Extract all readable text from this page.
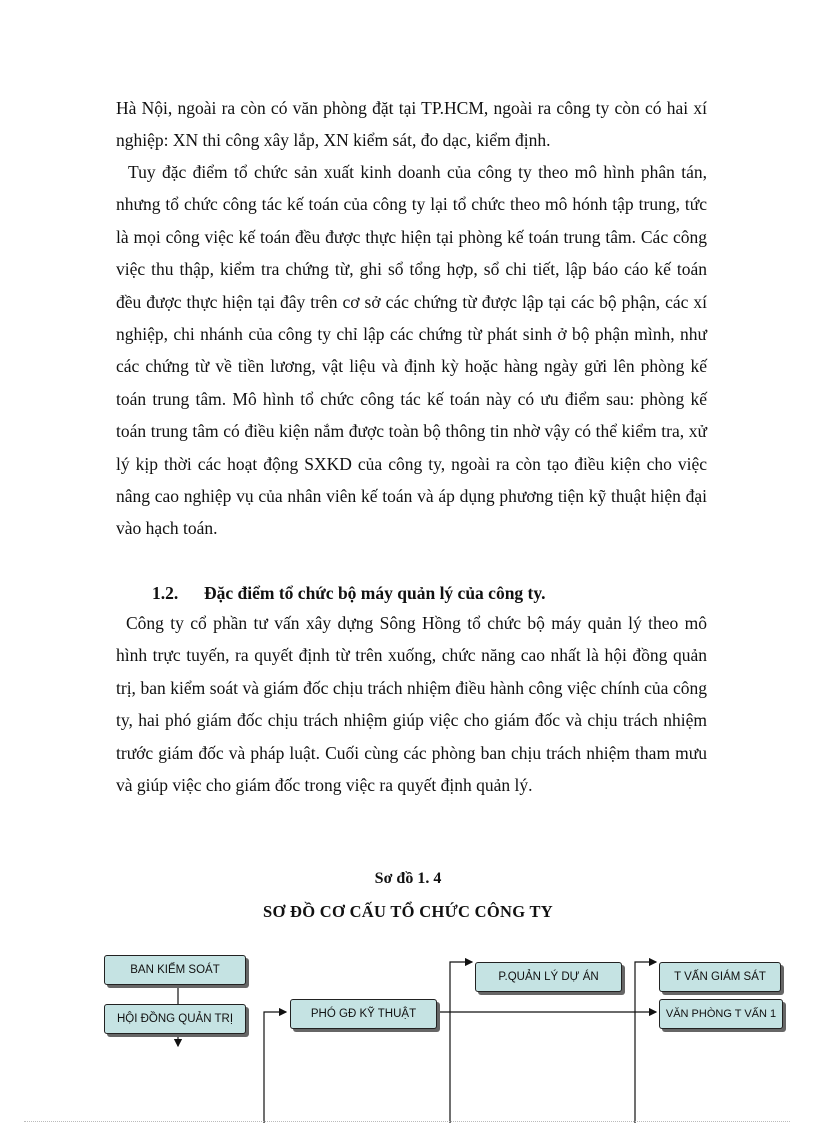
Hà Nội, ngoài ra còn có văn phòng đặt tại TP.HCM, ngoài ra công ty còn có hai xí nghiệp: XN thi công xây lắp, XN kiểm sát, đo dạc, kiểm định.

Tuy đặc điểm tổ chức sản xuất kinh doanh của công ty theo mô hình phân tán, nhưng tổ chức công tác kế toán của công ty lại tổ chức theo mô hónh tập trung, tức là mọi công việc kế toán đều được thực hiện tại phòng kế toán trung tâm. Các công việc thu thập, kiểm tra chứng từ, ghi sổ tổng hợp, sổ chi tiết, lập báo cáo kế toán đều được thực hiện tại đây trên cơ sở các chứng từ được lập tại các bộ phận, các xí nghiệp, chi nhánh của công ty chỉ lập các chứng từ phát sinh ở bộ phận mình, như các chứng từ về tiền lương, vật liệu và định kỳ hoặc hàng ngày gửi lên phòng kế toán trung tâm. Mô hình tổ chức công tác kế toán này có ưu điểm sau: phòng kế toán trung tâm có điều kiện nắm được toàn bộ thông tin nhờ vậy có thể kiểm tra, xử lý kịp thời các hoạt động SXKD của công ty, ngoài ra còn tạo điều kiện cho việc nâng cao nghiệp vụ của nhân viên kế toán và áp dụng phương tiện kỹ thuật hiện đại vào hạch toán.

1.2. Đặc điểm tổ chức bộ máy quản lý của công ty.

Công ty cổ phần tư vấn xây dựng Sông Hồng tổ chức bộ máy quản lý theo mô hình trực tuyến, ra quyết định từ trên xuống, chức năng cao nhất là hội đồng quản trị, ban kiểm soát và giám đốc chịu trách nhiệm điều hành công việc chính của công ty, hai phó giám đốc chịu trách nhiệm giúp việc cho giám đốc và chịu trách nhiệm trước giám đốc và pháp luật. Cuối cùng các phòng ban chịu trách nhiệm tham mưu và giúp việc cho giám đốc trong việc ra quyết định quản lý.

Sơ đồ 1. 4

SƠ ĐỒ CƠ CẤU TỔ CHỨC CÔNG TY

BAN KIỂM SOÁT
HỘI ĐỒNG QUẢN TRỊ	PHÓ GĐ KỸ THUẬT
P.QUẢN LÝ DỰ ÁN	T VẤN GIÁM SÁT
VĂN PHÒNG T VẤN 1
